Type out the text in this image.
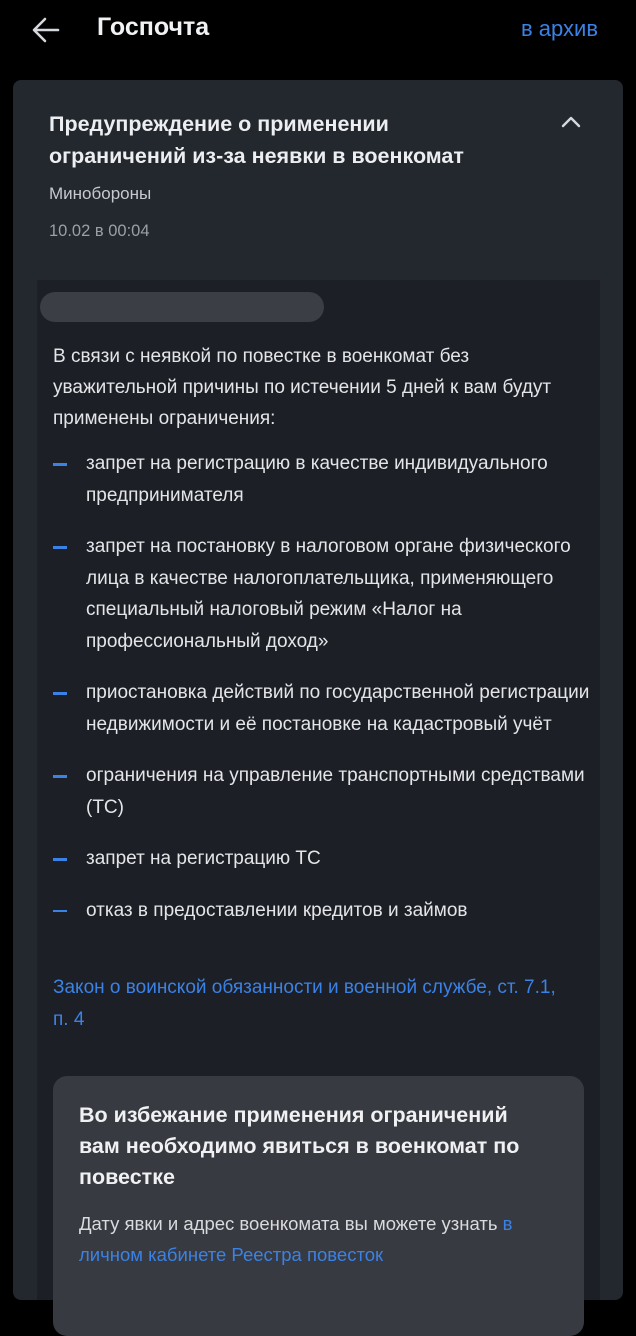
Госпочта	в архив
Предупреждение о применении ограничений из-за неявки в военкомат
Минобороны
10.02 в 00:04
В связи с неявкой по повестке в военкомат без уважительной причины по истечении 5 дней к вам будут применены ограничения:
запрет на регистрацию в качестве индивидуального предпринимателя
запрет на постановку в налоговом органе физического лица в качестве налогоплательщика, применяющего специальный налоговый режим «Налог на профессиональный доход»
приостановка действий по государственной регистрации недвижимости и её постановке на кадастровый учёт
ограничения на управление транспортными средствами (ТС)
запрет на регистрацию ТС
отказ в предоставлении кредитов и займов
Закон о воинской обязанности и военной службе, ст. 7.1, п. 4
Во избежание применения ограничений вам необходимо явиться в военкомат по повестке
Дату явки и адрес военкомата вы можете узнать в личном кабинете Реестра повесток
